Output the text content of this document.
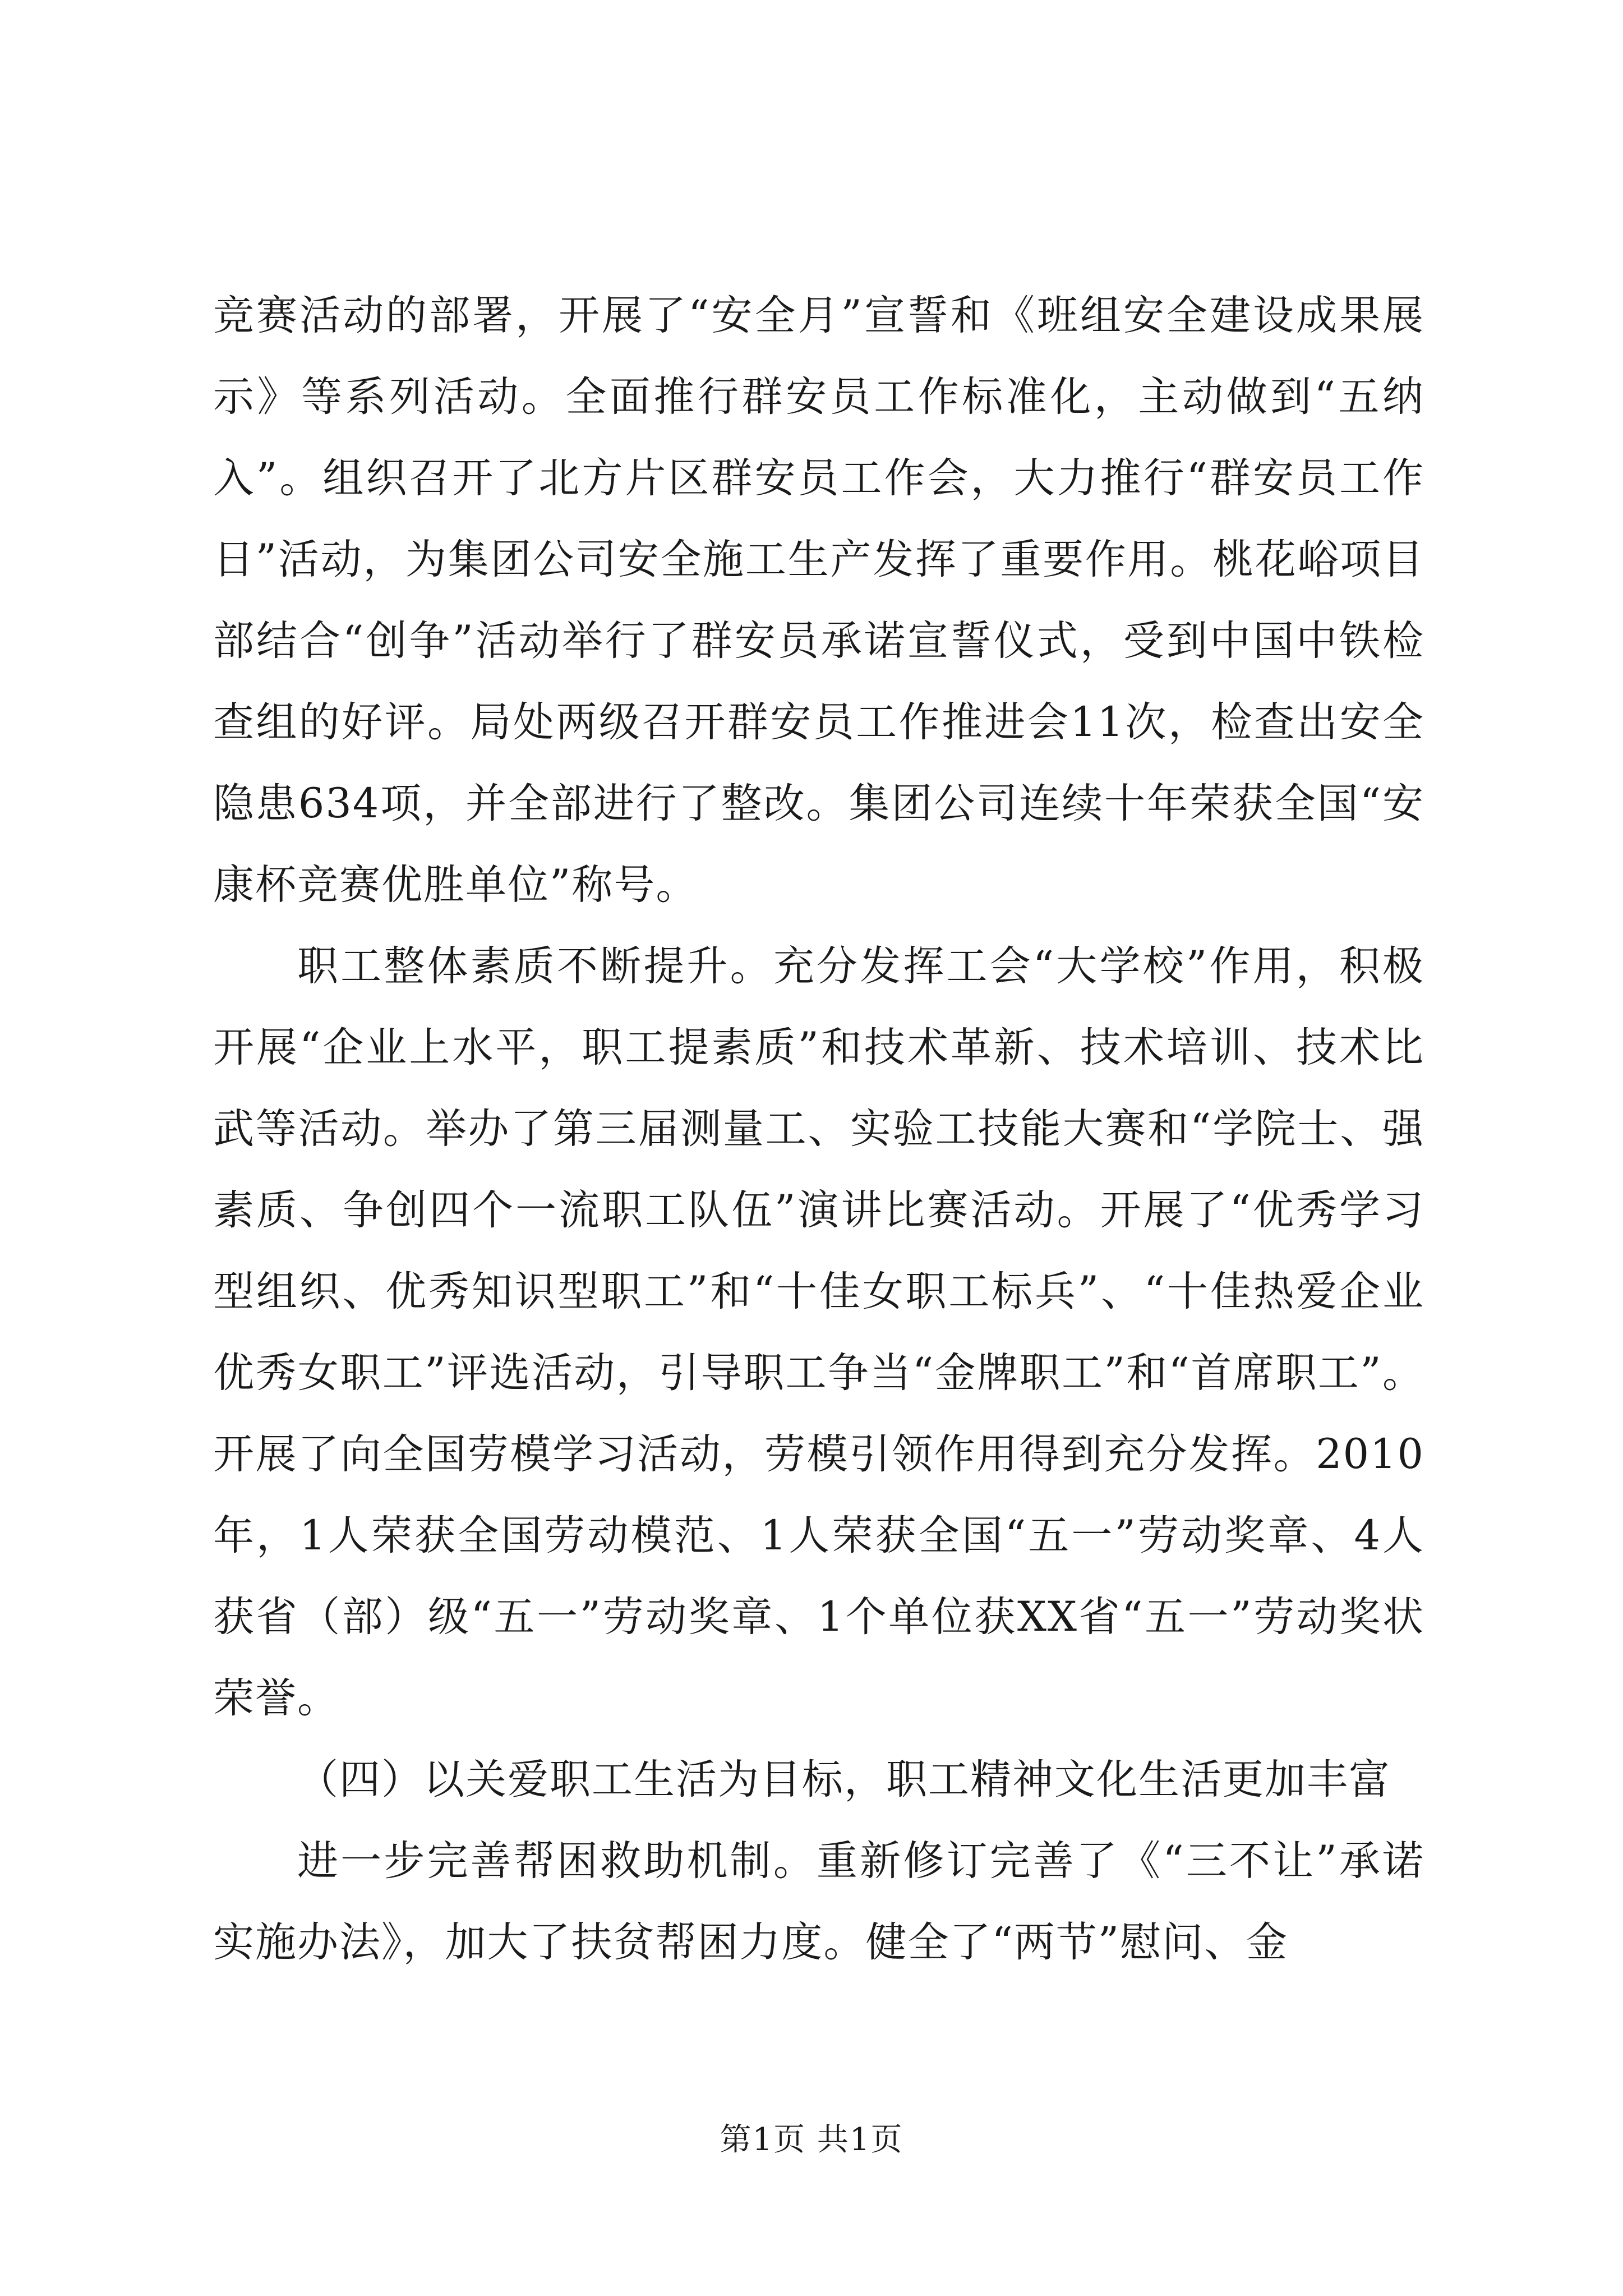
竞赛活动的部署，开展了“安全月”宣誓和《班组安全建设成果展示》等系列活动。全面推行群安员工作标准化，主动做到“五纳入”。组织召开了北方片区群安员工作会，大力推行“群安员工作日”活动，为集团公司安全施工生产发挥了重要作用。桃花峪项目部结合“创争”活动举行了群安员承诺宣誓仪式，受到中国中铁检查组的好评。局处两级召开群安员工作推进会11次，检查出安全隐患634项，并全部进行了整改。集团公司连续十年荣获全国“安康杯竞赛优胜单位”称号。

职工整体素质不断提升。充分发挥工会“大学校”作用，积极开展“企业上水平，职工提素质”和技术革新、技术培训、技术比武等活动。举办了第三届测量工、实验工技能大赛和“学院士、强素质、争创四个一流职工队伍”演讲比赛活动。开展了“优秀学习型组织、优秀知识型职工”和“十佳女职工标兵”、“十佳热爱企业优秀女职工”评选活动，引导职工争当“金牌职工”和“首席职工”。开展了向全国劳模学习活动，劳模引领作用得到充分发挥。2010年，1人荣获全国劳动模范、1人荣获全国“五一”劳动奖章、4人获省（部）级“五一”劳动奖章、1个单位获XX省“五一”劳动奖状荣誉。

（四）以关爱职工生活为目标，职工精神文化生活更加丰富

进一步完善帮困救助机制。重新修订完善了《“三不让”承诺实施办法》，加大了扶贫帮困力度。健全了“两节”慰问、金

第1页 共1页
